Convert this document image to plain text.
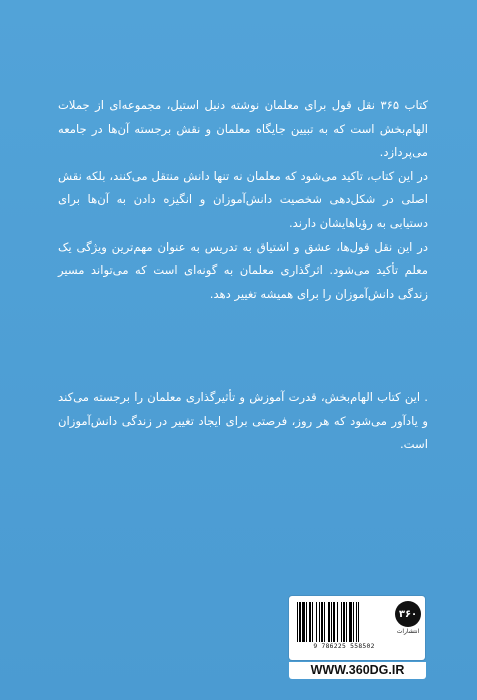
کتاب ۳۶۵ نقل قول برای معلمان نوشته دنیل استیل، مجموعه‌ای از جملات الهام‌بخش است که به تبیین جایگاه معلمان و نقش برجسته آن‌ها در جامعه می‌پردازد.

در این کتاب، تاکید می‌شود که معلمان نه تنها دانش منتقل می‌کنند، بلکه نقش اصلی در شکل‌دهی شخصیت دانش‌آموزان و انگیزه دادن به آن‌ها برای دستیابی به رؤیاهایشان دارند.

در این نقل قول‌ها، عشق و اشتیاق به تدریس به عنوان مهم‌ترین ویژگی یک معلم تأکید می‌شود. اثرگذاری معلمان به گونه‌ای است که می‌تواند مسیر زندگی دانش‌آموزان را برای همیشه تغییر دهد.

. این کتاب الهام‌بخش، قدرت آموزش و تأثیرگذاری معلمان را برجسته می‌کند و یادآور می‌شود که هر روز، فرصتی برای ایجاد تغییر در زندگی دانش‌آموزان است.

9 786225 558502
۳۶۰
انتشارات
WWW.360DG.IR
